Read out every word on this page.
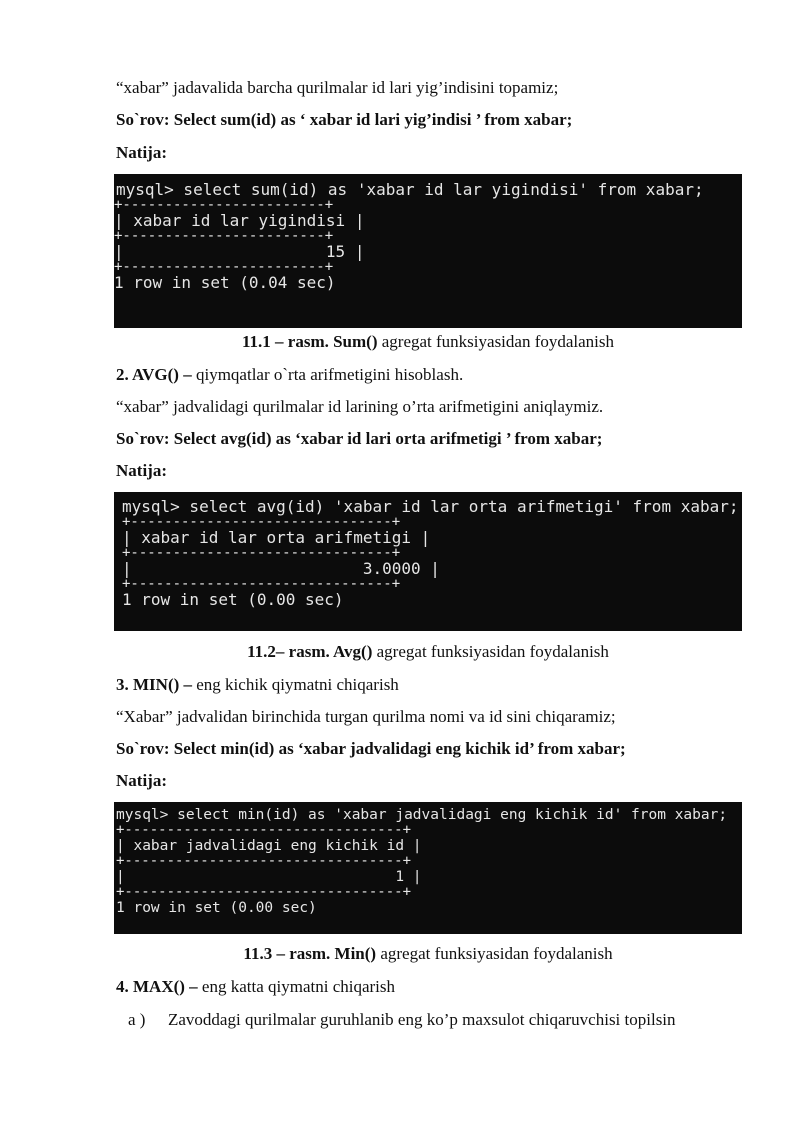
“xabar” jadavalida barcha qurilmalar id lari yig’indisini topamiz;
So`rov: Select sum(id) as ‘ xabar id lari yig’indisi ’ from xabar;
Natija:
mysql> select sum(id) as 'xabar id lar yigindisi' from xabar;
+------------------------+
| xabar id lar yigindisi |
+------------------------+
|                     15 |
+------------------------+
1 row in set (0.04 sec)
11.1 – rasm. Sum() agregat funksiyasidan foydalanish
2. AVG() – qiymqatlar o`rta arifmetigini hisoblash.
“xabar” jadvalidagi qurilmalar id larining o’rta arifmetigini aniqlaymiz.
So`rov: Select avg(id) as ‘xabar id lari orta arifmetigi ’ from xabar;
Natija:
mysql> select avg(id) 'xabar id lar orta arifmetigi' from xabar;
+-------------------------------+
| xabar id lar orta arifmetigi |
+-------------------------------+
|                        3.0000 |
+-------------------------------+
1 row in set (0.00 sec)
11.2– rasm. Avg() agregat funksiyasidan foydalanish
3. MIN() – eng kichik qiymatni chiqarish
“Xabar” jadvalidan birinchida turgan qurilma nomi va id sini chiqaramiz;
So`rov: Select min(id) as ‘xabar jadvalidagi eng kichik id’ from xabar;
Natija:
mysql> select min(id) as 'xabar jadvalidagi eng kichik id' from xabar;
+---------------------------------+
| xabar jadvalidagi eng kichik id |
+---------------------------------+
|                               1 |
+---------------------------------+
1 row in set (0.00 sec)
11.3 – rasm. Min() agregat funksiyasidan foydalanish
4. MAX() – eng katta qiymatni chiqarish
a ) Zavoddagi qurilmalar guruhlanib eng ko’p maxsulot chiqaruvchisi topilsin
